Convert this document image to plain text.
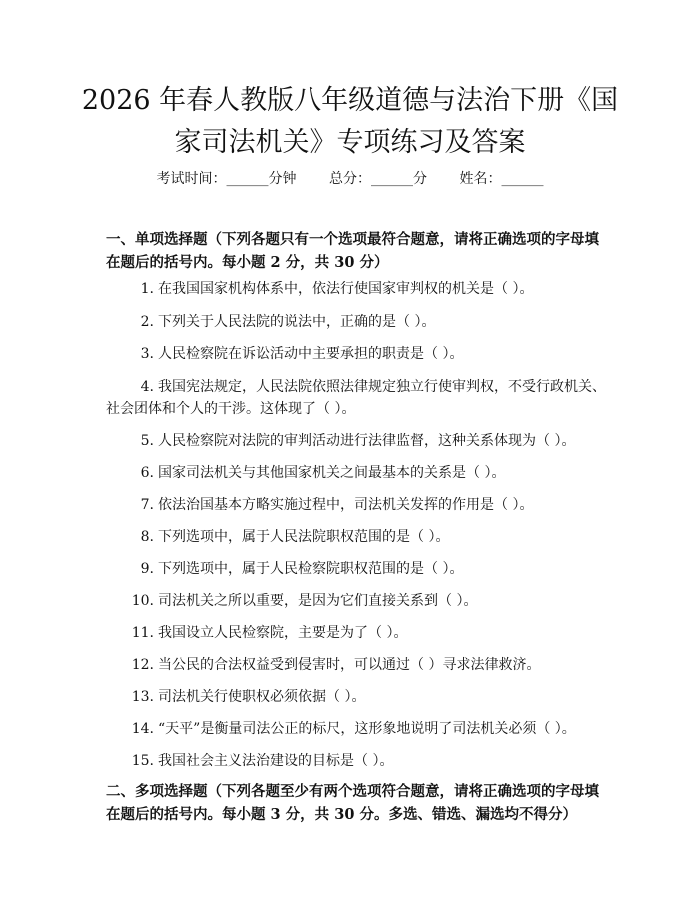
2026 年春人教版八年级道德与法治下册《国
家司法机关》专项练习及答案
考试时间：______分钟 总分：______分 姓名：______
一、单项选择题（下列各题只有一个选项最符合题意，请将正确选项的字母填在题后的括号内。每小题 2 分，共 30 分）
1. 在我国国家机构体系中，依法行使国家审判权的机关是（ ）。
2. 下列关于人民法院的说法中，正确的是（ ）。
3. 人民检察院在诉讼活动中主要承担的职责是（ ）。
4. 我国宪法规定，人民法院依照法律规定独立行使审判权，不受行政机关、社会团体和个人的干涉。这体现了（ ）。
5. 人民检察院对法院的审判活动进行法律监督，这种关系体现为（ ）。
6. 国家司法机关与其他国家机关之间最基本的关系是（ ）。
7. 依法治国基本方略实施过程中，司法机关发挥的作用是（ ）。
8. 下列选项中，属于人民法院职权范围的是（ ）。
9. 下列选项中，属于人民检察院职权范围的是（ ）。
10. 司法机关之所以重要，是因为它们直接关系到（ ）。
11. 我国设立人民检察院，主要是为了（ ）。
12. 当公民的合法权益受到侵害时，可以通过（ ）寻求法律救济。
13. 司法机关行使职权必须依据（ ）。
14. “天平”是衡量司法公正的标尺，这形象地说明了司法机关必须（ ）。
15. 我国社会主义法治建设的目标是（ ）。
二、多项选择题（下列各题至少有两个选项符合题意，请将正确选项的字母填在题后的括号内。每小题 3 分，共 30 分。多选、错选、漏选均不得分）
